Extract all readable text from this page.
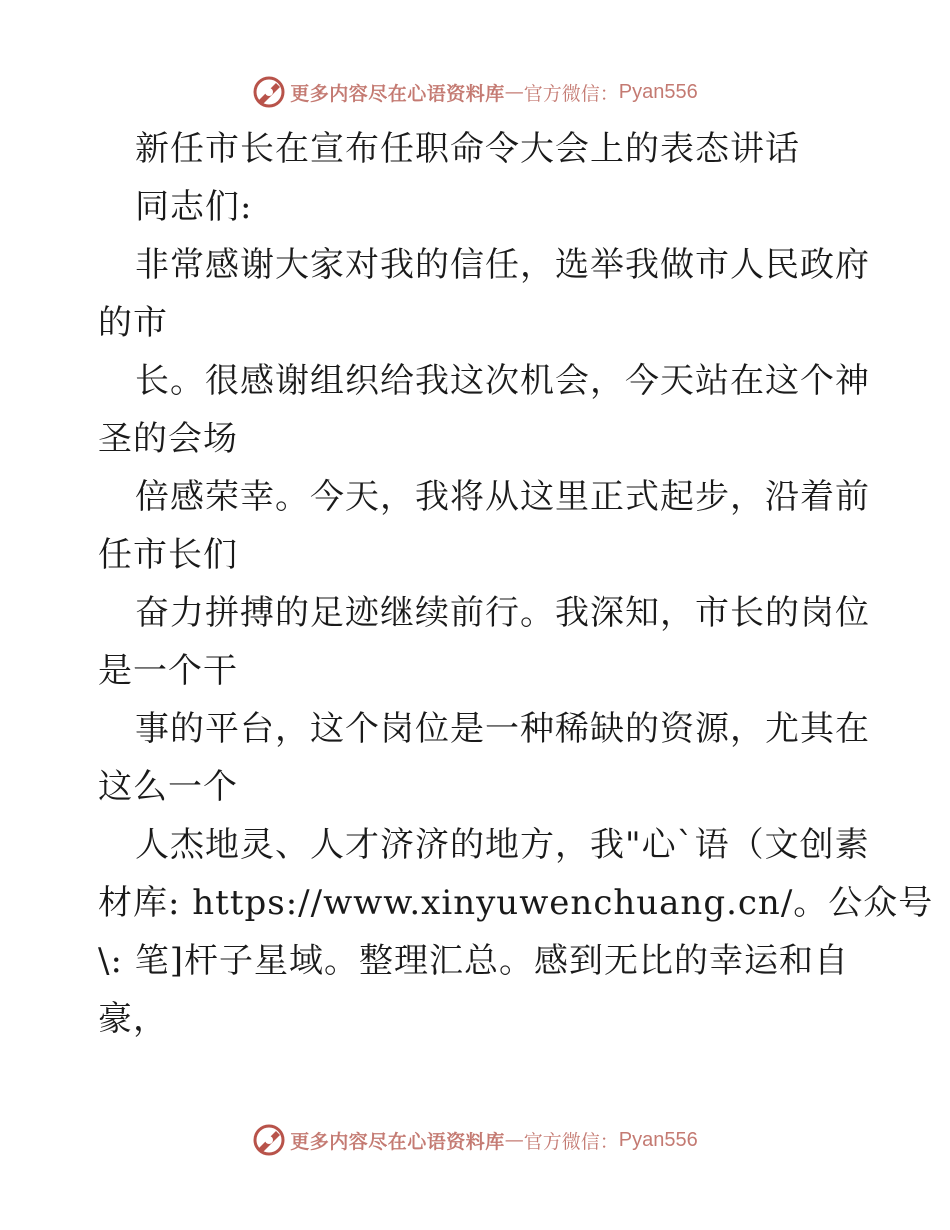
更多内容尽在心语资料库 — 官方微信： Pyan556
新任市长在宣布任职命令大会上的表态讲话
同志们:
非常感谢大家对我的信任，选举我做市人民政府
的市
长。很感谢组织给我这次机会，今天站在这个神
圣的会场
倍感荣幸。今天，我将从这里正式起步，沿着前
任市长们
奋力拼搏的足迹继续前行。我深知，市长的岗位
是一个干
事的平台，这个岗位是一种稀缺的资源，尤其在
这么一个
人杰地灵、人才济济的地方，我"心`语（文创素
材库: https://www.xinyuwenchuang.cn/。公众号
\: 笔]杆子星域。整理汇总。感到无比的幸运和自
豪，
更多内容尽在心语资料库 — 官方微信： Pyan556
